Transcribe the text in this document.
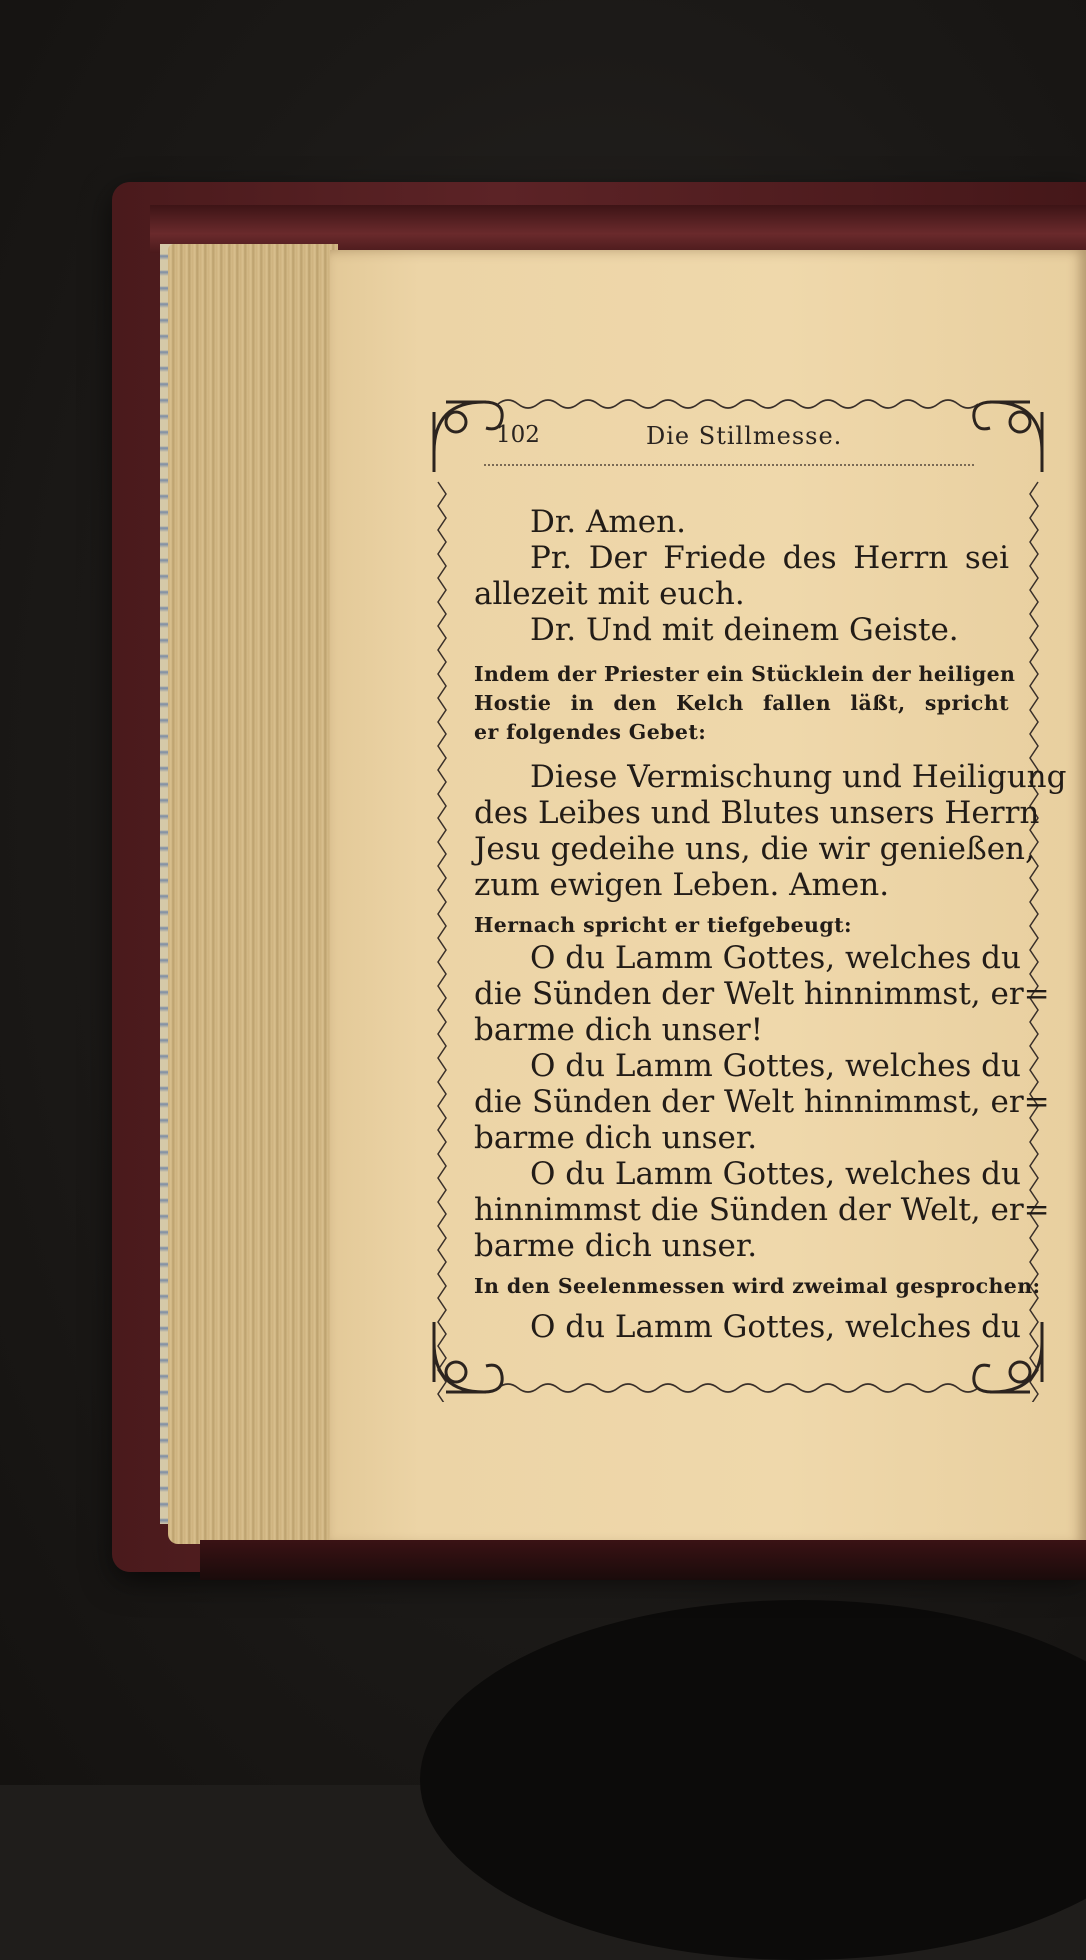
102	Die Stillmesse.
Dr. Amen.
Pr. Der Friede des Herrn sei
allezeit mit euch.
Dr. Und mit deinem Geiste.
Indem der Priester ein Stücklein der heiligen
Hostie in den Kelch fallen läßt, spricht
er folgendes Gebet:
Diese Vermischung und Heiligung
des Leibes und Blutes unsers Herrn
Jesu gedeihe uns, die wir genießen,
zum ewigen Leben. Amen.
Hernach spricht er tiefgebeugt:
O du Lamm Gottes, welches du
die Sünden der Welt hinnimmst, er=
barme dich unser!
O du Lamm Gottes, welches du
die Sünden der Welt hinnimmst, er=
barme dich unser.
O du Lamm Gottes, welches du
hinnimmst die Sünden der Welt, er=
barme dich unser.
In den Seelenmessen wird zweimal gesprochen:
O du Lamm Gottes, welches du
